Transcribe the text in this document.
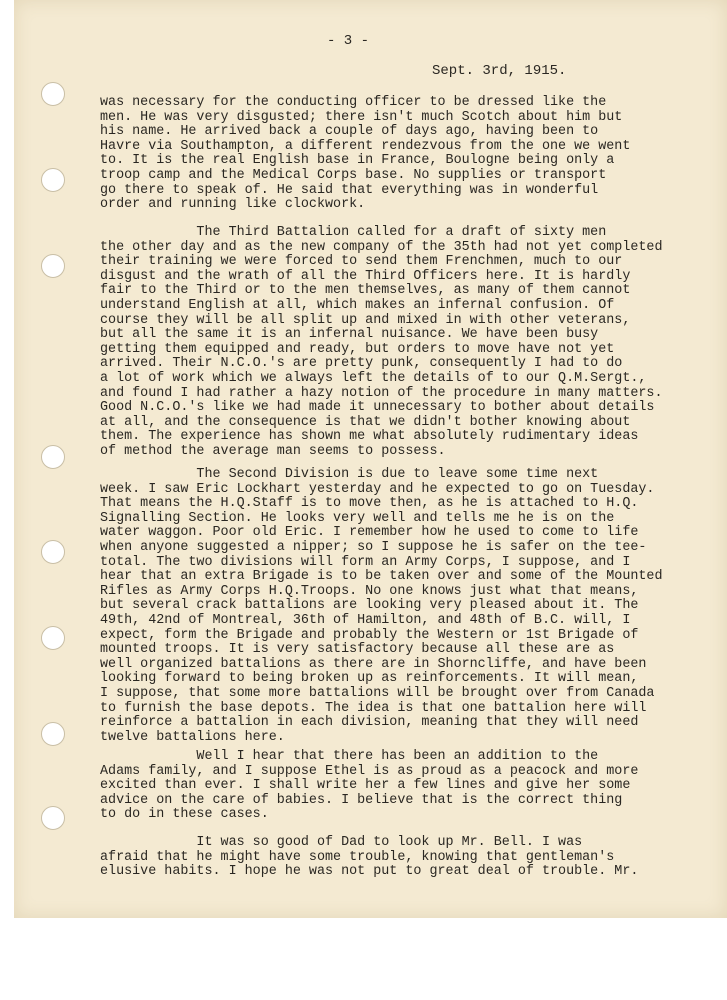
- 3 -
Sept. 3rd, 1915.
was necessary for the conducting officer to be dressed like the
men. He was very disgusted; there isn't much Scotch about him but
his name. He arrived back a couple of days ago, having been to
Havre via Southampton, a different rendezvous from the one we went
to. It is the real English base in France, Boulogne being only a
troop camp and the Medical Corps base. No supplies or transport
go there to speak of. He said that everything was in wonderful
order and running like clockwork.
The Third Battalion called for a draft of sixty men
the other day and as the new company of the 35th had not yet completed
their training we were forced to send them Frenchmen, much to our
disgust and the wrath of all the Third Officers here. It is hardly
fair to the Third or to the men themselves, as many of them cannot
understand English at all, which makes an infernal confusion. Of
course they will be all split up and mixed in with other veterans,
but all the same it is an infernal nuisance. We have been busy
getting them equipped and ready, but orders to move have not yet
arrived. Their N.C.O.'s are pretty punk, consequently I had to do
a lot of work which we always left the details of to our Q.M.Sergt.,
and found I had rather a hazy notion of the procedure in many matters.
Good N.C.O.'s like we had made it unnecessary to bother about details
at all, and the consequence is that we didn't bother knowing about
them. The experience has shown me what absolutely rudimentary ideas
of method the average man seems to possess.
The Second Division is due to leave some time next
week. I saw Eric Lockhart yesterday and he expected to go on Tuesday.
That means the H.Q.Staff is to move then, as he is attached to H.Q.
Signalling Section. He looks very well and tells me he is on the
water waggon. Poor old Eric. I remember how he used to come to life
when anyone suggested a nipper; so I suppose he is safer on the tee-
total. The two divisions will form an Army Corps, I suppose, and I
hear that an extra Brigade is to be taken over and some of the Mounted
Rifles as Army Corps H.Q.Troops. No one knows just what that means,
but several crack battalions are looking very pleased about it. The
49th, 42nd of Montreal, 36th of Hamilton, and 48th of B.C. will, I
expect, form the Brigade and probably the Western or 1st Brigade of
mounted troops. It is very satisfactory because all these are as
well organized battalions as there are in Shorncliffe, and have been
looking forward to being broken up as reinforcements. It will mean,
I suppose, that some more battalions will be brought over from Canada
to furnish the base depots. The idea is that one battalion here will
reinforce a battalion in each division, meaning that they will need
twelve battalions here.
Well I hear that there has been an addition to the
Adams family, and I suppose Ethel is as proud as a peacock and more
excited than ever. I shall write her a few lines and give her some
advice on the care of babies. I believe that is the correct thing
to do in these cases.
It was so good of Dad to look up Mr. Bell. I was
afraid that he might have some trouble, knowing that gentleman's
elusive habits. I hope he was not put to great deal of trouble. Mr.
